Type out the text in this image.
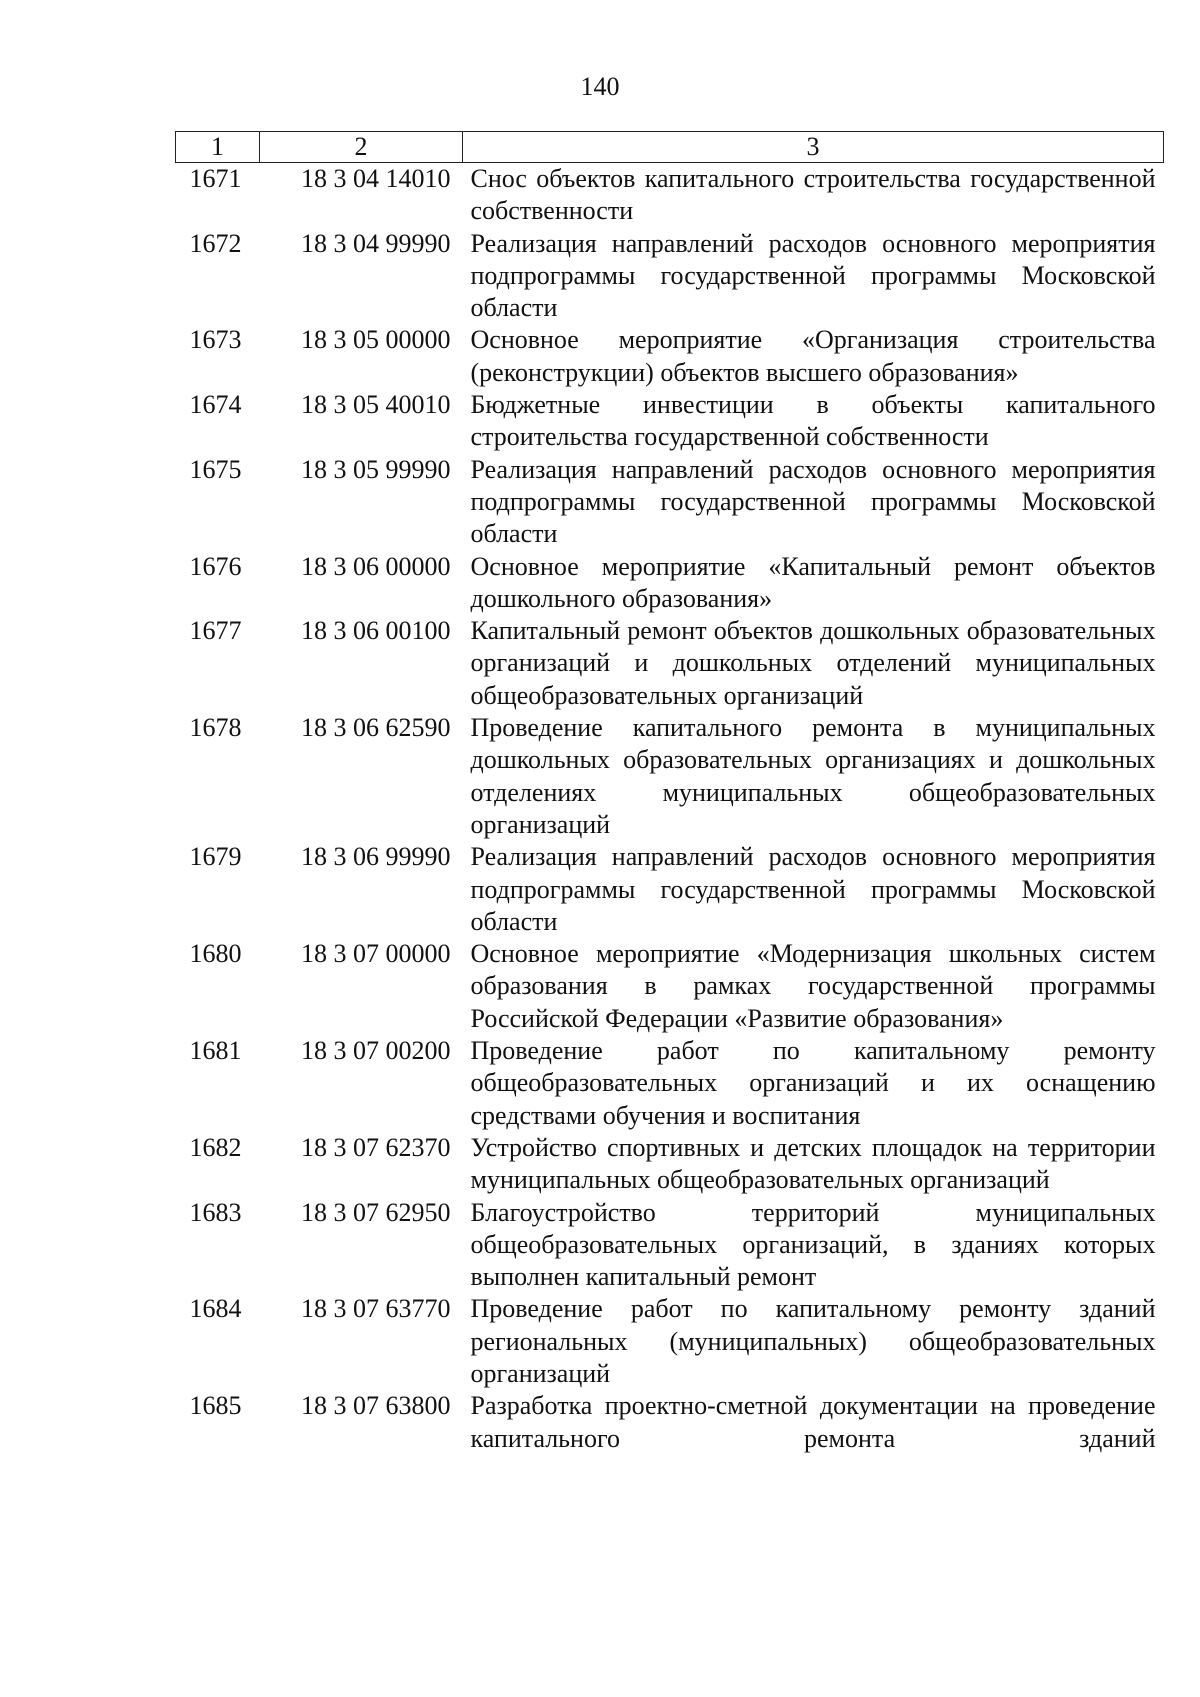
140
1	2	3
1671	18 3 04 14010	Снос объектов капитального строительства государственной собственности
1672	18 3 04 99990	Реализация направлений расходов основного мероприятия подпрограммы государственной программы Московской области
1673	18 3 05 00000	Основное мероприятие «Организация строительства (реконструкции) объектов высшего образования»
1674	18 3 05 40010	Бюджетные инвестиции в объекты капитального строительства государственной собственности
1675	18 3 05 99990	Реализация направлений расходов основного мероприятия подпрограммы государственной программы Московской области
1676	18 3 06 00000	Основное мероприятие «Капитальный ремонт объектов дошкольного образования»
1677	18 3 06 00100	Капитальный ремонт объектов дошкольных образовательных организаций и дошкольных отделений муниципальных общеобразовательных организаций
1678	18 3 06 62590	Проведение капитального ремонта в муниципальных дошкольных образовательных организациях и дошкольных отделениях муниципальных общеобразовательных организаций
1679	18 3 06 99990	Реализация направлений расходов основного мероприятия подпрограммы государственной программы Московской области
1680	18 3 07 00000	Основное мероприятие «Модернизация школьных систем образования в рамках государственной программы Российской Федерации «Развитие образования»
1681	18 3 07 00200	Проведение работ по капитальному ремонту общеобразовательных организаций и их оснащению средствами обучения и воспитания
1682	18 3 07 62370	Устройство спортивных и детских площадок на территории муниципальных общеобразовательных организаций
1683	18 3 07 62950	Благоустройство территорий муниципальных общеобразовательных организаций, в зданиях которых выполнен капитальный ремонт
1684	18 3 07 63770	Проведение работ по капитальному ремонту зданий региональных (муниципальных) общеобразовательных организаций
1685	18 3 07 63800	Разработка проектно-сметной документации на проведение капитального ремонта зданий
